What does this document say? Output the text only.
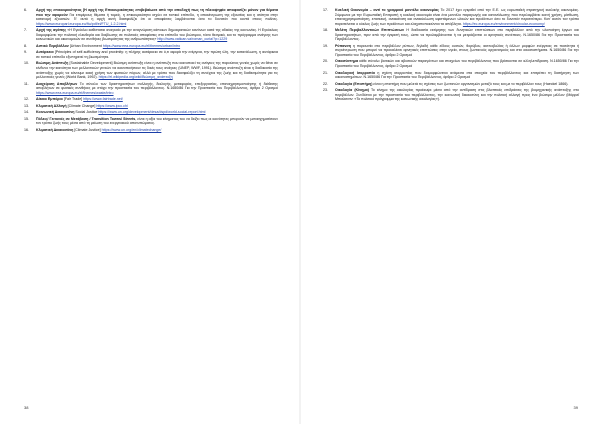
6.	Αρχή της επικουρικότητας [Η αρχή της Επικουρικότητας επιβεβαίωσε από την αποδοχή πως τη πλειοψηφία αποφασίζει μόνον για θέματα που την αφορούν Για επιμέρους θέματα ή τομείς, η επικουρικότητα ισχύει σε τοπικό επίπεδο, η αποκέντρωση της εξουσίας και η ισότητα στην κατανομή εξουσιών. Γι' αυτό η αρχή αυτή διασφαλίζει ότι οι αποφάσεις λαμβάνονται όσο το δυνατόν πιο κοντά στους πολίτες. https://www.europarl.europa.eu/ftu/pdf/el/FTU_1.2.2.html
7.	Αρχή της αγάπης «Η Εγκύκλιο καθίσταται αναγκαίο με την αναγνώριση κάποιων δημοκρατικών κανόνων κατά της αδικίας της κοινωνίας. Η Εγκύκλιος διαμορφώνει την πολιτική ελευθερία και διαβίωσης σε πολιτικές αποφάσεις στο επίπεδο του βιώσιμου, τόσο θεσμικά, και το πρόγραμμα ανάγκης των κοινωνικών και οικονομικών σε συνθήκες βιωσιμότητας της ανθρωπότητας» http://www.vatican.va/roman_curia/?p=1229
8.	Αστικό Περιβάλλον [Urban Environment https://www.eea.europa.eu/el/themes/urban/intro
9.	Αυτάρκεια [Principles of self-sufficiency and proximity: η πλήρης αυτάρκεια σε ό,τι αφορά την ενέργεια, την πρώτη ύλη, την κατανάλωση, η αυτάρκεια σε τοπικό επίπεδο εξυπηρετεί τη βιωσιμότητα.
10.	Βιώσιμη Ανάπτυξη [Sustainable Development] Βιώσιμη ανάπτυξη είναι η ανάπτυξη που ικανοποιεί τις ανάγκες της παρούσας γενιάς χωρίς να θέτει σε κίνδυνο την ικανότητα των μελλοντικών γενεών να ικανοποιήσουν τις δικές τους ανάγκες (UNEP, WWF, 1991). Βιώσιμη ανάπτυξη είναι η διαδικασία της ανάπτυξης χωρίς να κάνουμε κακή χρήση των φυσικών πόρων, αλλά με τρόπο που διασφαλίζει τη συνέχεια της ζωής και τη διαθεσιμότητα για τις μελλοντικές γενιές (World Bank, 1992). https://el.wikipedia.org/wiki/Βιώσιμη_ανάπτυξη
11.	Διαχείριση Αποβλήτων Το σύνολο των δραστηριοτήτων συλλογής, διαλογής, μεταφοράς, επεξεργασίας, επαναχρησιμοποίησης ή διάθεσης αποβλήτων σε φυσικές συνθήκες με στόχο την προστασία του περιβάλλοντος. Ν.1650/86 Για την Προστασία του Περιβάλλοντος, άρθρο 2 Ορισμοί https://www.eea.europa.eu/el/themes/waste/intro
12.	Δίκαιο Εμπόριο [Fair Trade] https://www.fairtrade.net/
13.	Κλιματική Αλλαγή [Climate Change] https://www.ipcc.ch/
14.	Κοινωνική Δικαιοσύνη Social Justice https://www.un.org/development/desa/dspd/world-social-report.html
15.	Πόλεις/ Γειτονιές σε Μετάβαση / Transition Towns/ Streets, είναι η αξία του κίνηματος του να δείξει πως οι κοινότητες μπορούν να μετασχηματίσουν τον τρόπο ζωής τους μέσα από τη μείωση του ενεργειακού αποτυπώματος.
16.	Κλιματική Δικαιοσύνη [Climate Justice] https://www.un.org/en/climatechange/
38
17.	Κυκλική Οικονομία – αντί το γραμμικό μοντέλο οικονομίας Το 2017 έχει εγκριθεί από την Ε.Ε. ως ευρωπαϊκή στρατηγική κυκλικής οικονομίας. Σύμφωνα με την Ευρωπαϊκή Επιτροπή η κυκλική οικονομία είναι ένα μοντέλο παραγωγής και κατανάλωσης που περιλαμβάνει κοινή χρήση, μίσθωση, επαναχρησιμοποίηση, επισκευή, ανακαίνιση και ανακύκλωση υφιστάμενων υλικών και προϊόντων όσο το δυνατόν περισσότερο. Κατ' αυτόν τον τρόπο παρατείνεται ο κύκλος ζωής των προϊόντων και ελαχιστοποιούνται τα απόβλητα. https://ec.europa.eu/environment/circular-economy/
18.	Μελέτη Περιβαλλοντικών Επιπτώσεων Η διαδικασία εκτίμησης των δυνητικών επιπτώσεων στο περιβάλλον από την υλοποίηση έργων και δραστηριοτήτων, πριν από την έγκρισή τους, ώστε να προλαμβάνονται ή να μετριάζονται οι αρνητικές συνέπειες. Ν.1650/86 Για την Προστασία του Περιβάλλοντος.
19.	Ρύπανση η παρουσία στο περιβάλλον ρύπων, δηλαδή κάθε είδους ουσιών, θορύβου, ακτινοβολίας ή άλλων μορφών ενέργειας σε ποσότητα ή συγκέντρωση που μπορεί να προκαλέσει αρνητικές επιπτώσεις στην υγεία, στους ζωντανούς οργανισμούς και στα οικοσυστήματα. Ν.1650/86 Για την Προστασία του Περιβάλλοντος, άρθρο 2 Ορισμοί
20.	Οικοσύστημα κάθε σύνολο βιοτικών και αβιοτικών παραγόντων και στοιχείων του περιβάλλοντος που βρίσκονται σε αλληλεπίδραση. Ν.1650/86 Για την Προστασία του Περιβάλλοντος, άρθρο 2 Ορισμοί
21.	Οικολογική Ισορροπία η σχέση ισορροπίας που διαμορφώνεται ανάμεσα στα στοιχεία του περιβάλλοντος και επιτρέπει τη διατήρηση των οικοσυστημάτων. Ν.1650/86 Για την Προστασία του Περιβάλλοντος, άρθρο 2 Ορισμοί
22.	Οικολογία (Επιστήμη) είναι η επιστήμη που μελετά τις σχέσεις των ζωντανών οργανισμών μεταξύ τους και με το περιβάλλον τους (Haeckel 1866).
23.	Οικολογία (Κίνημα) Το κίνημα της οικολογίας προέκυψε μέσα από την αντίδραση στις βλαπτικές επιδράσεις της βιομηχανικής ανάπτυξης στο περιβάλλον. Συνδέεται με την προστασία του περιβάλλοντος, την κοινωνική δικαιοσύνη και την πολιτική αλλαγή προς ένα βιώσιμο μέλλον (Μάρρεϊ Μπούκτσιν: «Το πολιτικό πρόγραμμα της κοινωνικής οικολογίας»).
39
